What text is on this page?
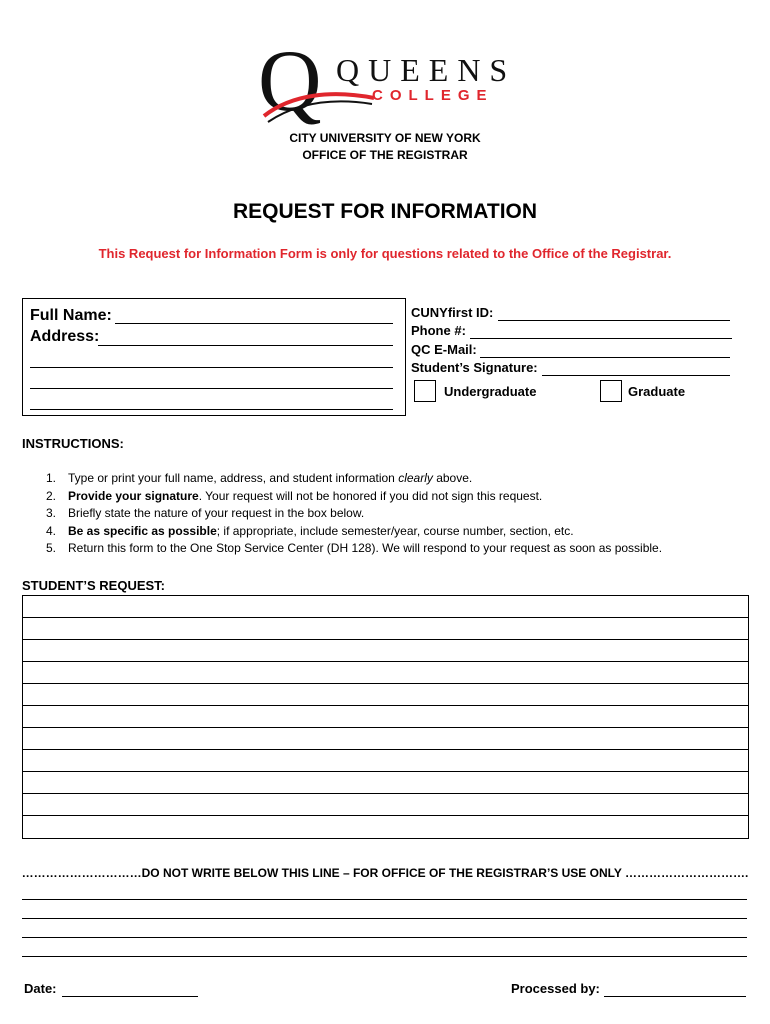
Q QUEENS
COLLEGE
CITY UNIVERSITY OF NEW YORK
OFFICE OF THE REGISTRAR
REQUEST FOR INFORMATION
This Request for Information Form is only for questions related to the Office of the Registrar.
Full Name:
Address:
CUNYfirst ID:
Phone #:
QC E-Mail:
Student’s Signature:
Undergraduate	Graduate
INSTRUCTIONS:
1. Type or print your full name, address, and student information clearly above.
2. Provide your signature. Your request will not be honored if you did not sign this request.
3. Briefly state the nature of your request in the box below.
4. Be as specific as possible; if appropriate, include semester/year, course number, section, etc.
5. Return this form to the One Stop Service Center (DH 128). We will respond to your request as soon as possible.
STUDENT’S REQUEST:
…………………………DO NOT WRITE BELOW THIS LINE – FOR OFFICE OF THE REGISTRAR’S USE ONLY ………………………….
Date:	Processed by:
